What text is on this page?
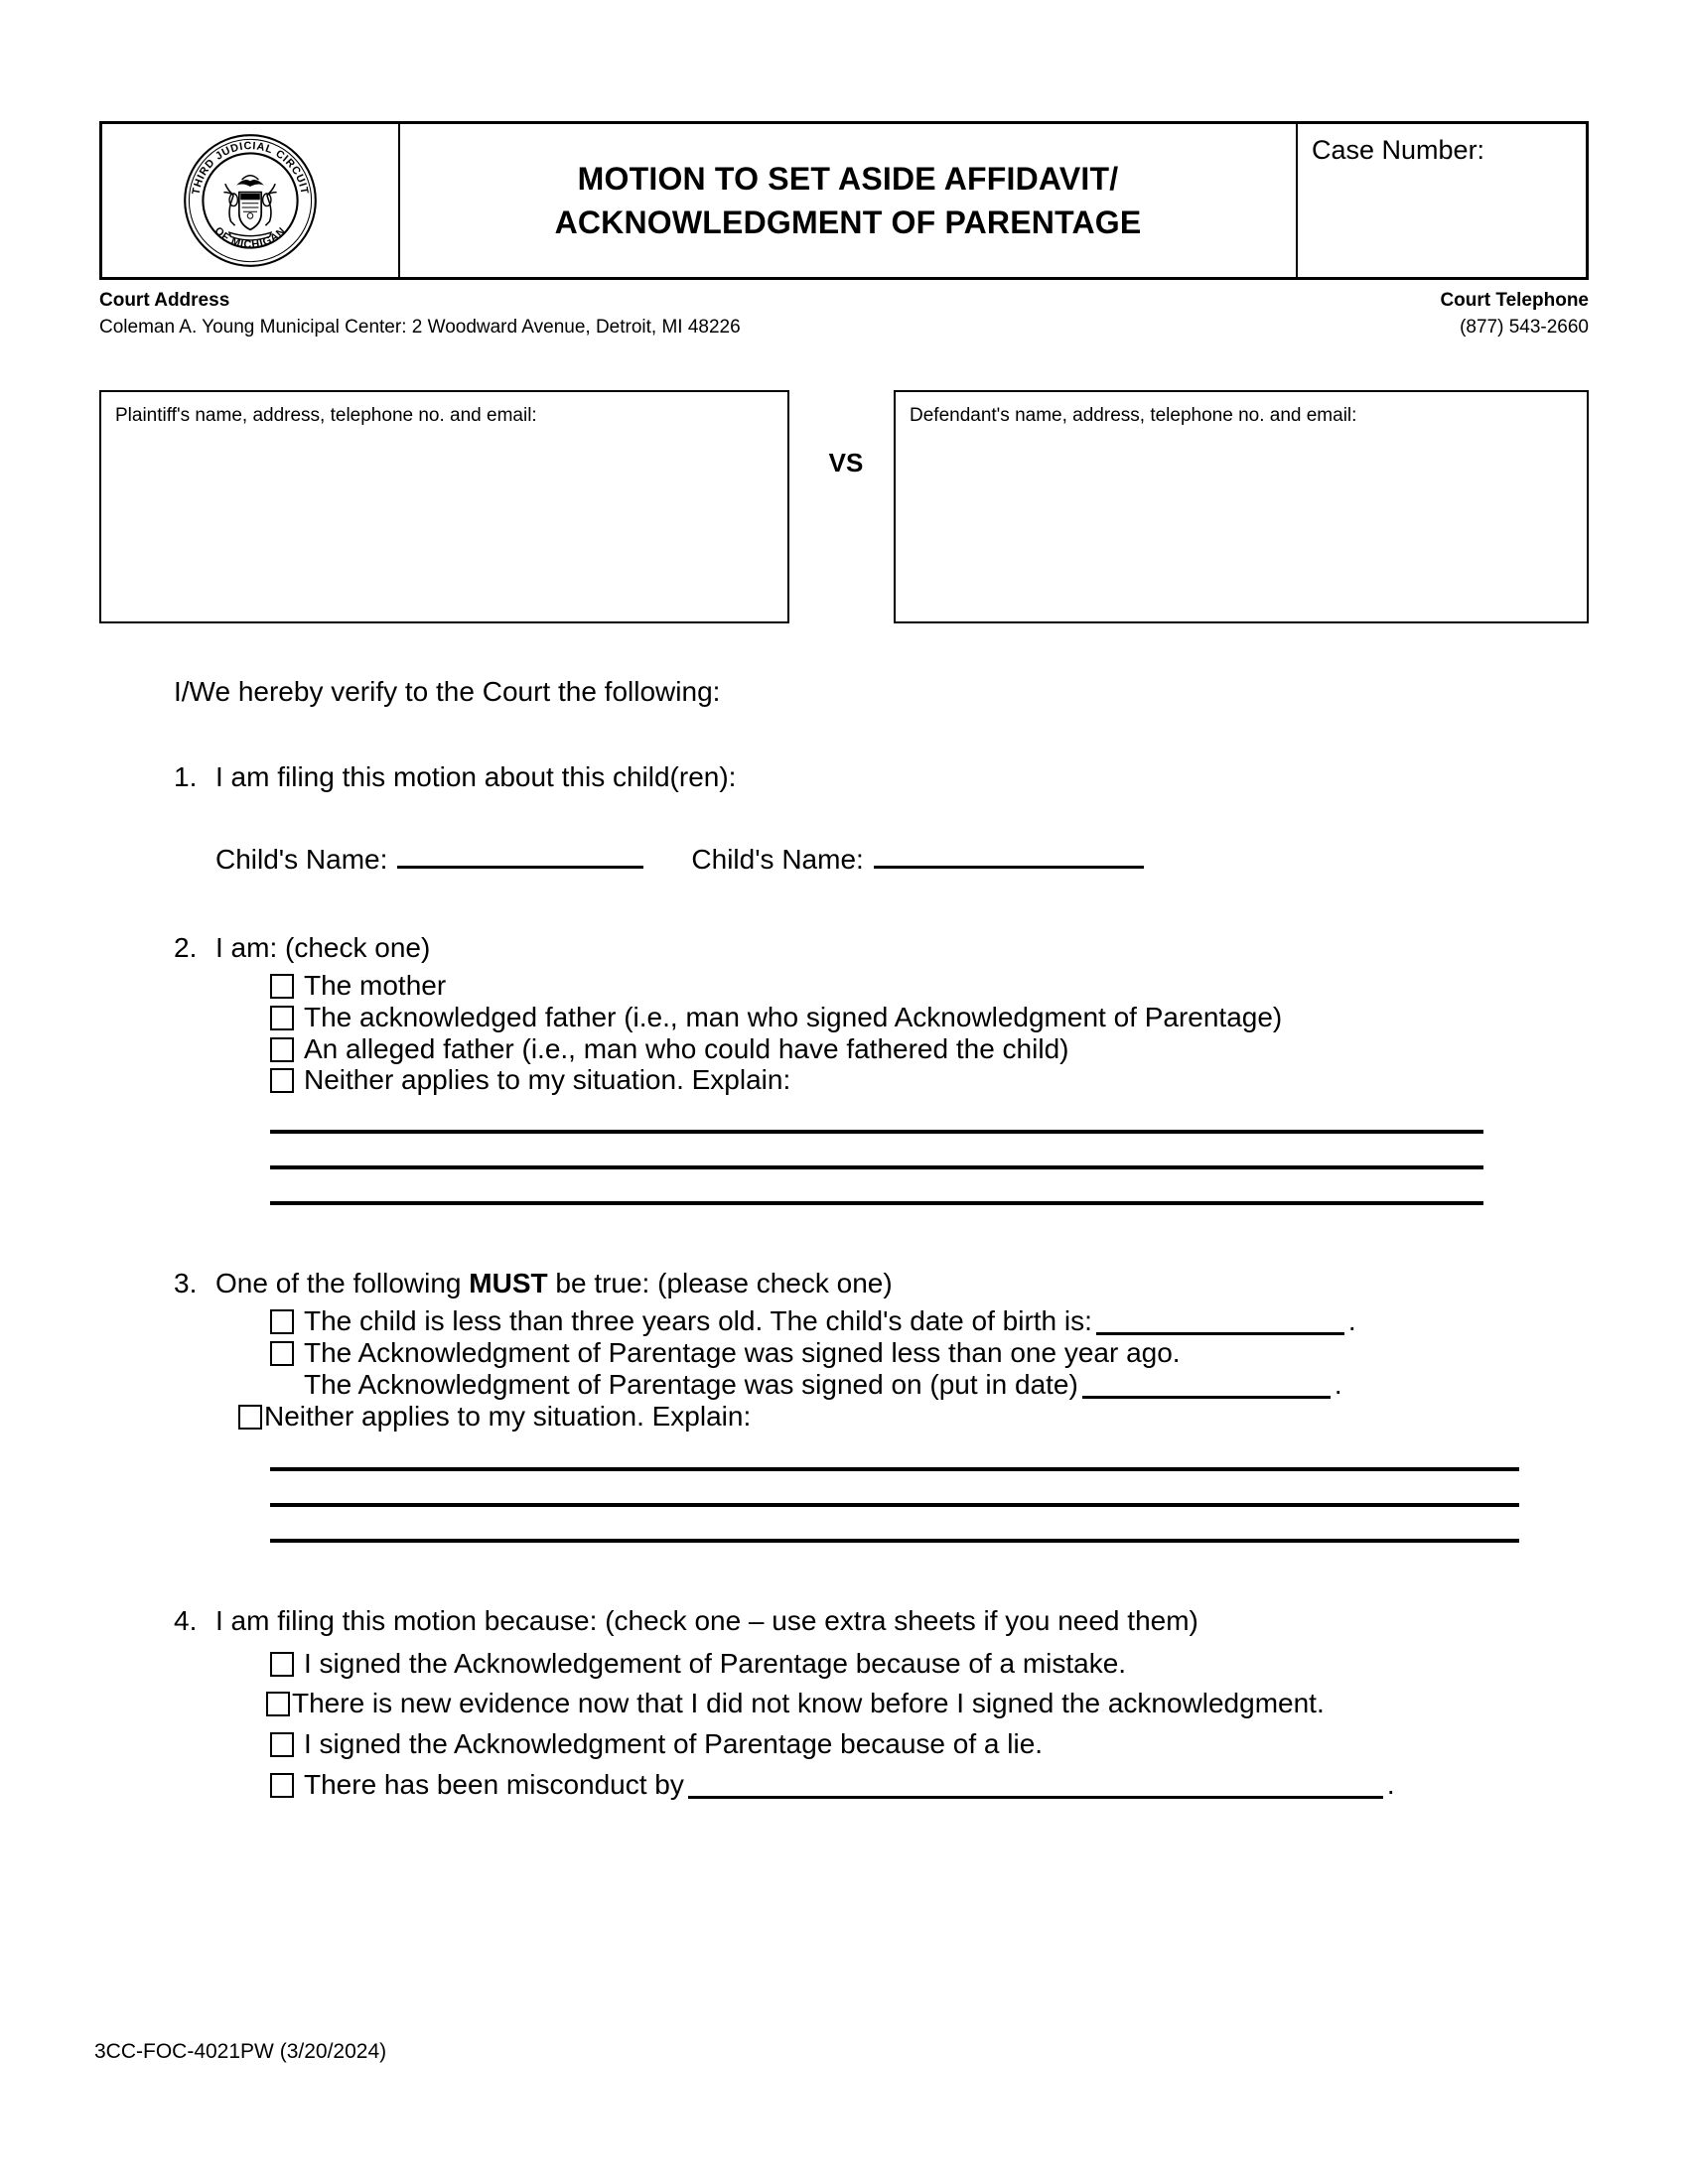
THIRD JUDICIAL CIRCUIT
OF MICHIGAN
MOTION TO SET ASIDE AFFIDAVIT/
ACKNOWLEDGMENT OF PARENTAGE
Case Number:
Court Address	Court Telephone
Coleman A. Young Municipal Center: 2 Woodward Avenue, Detroit, MI 48226	(877) 543-2660
Plaintiff's name, address, telephone no. and email:
VS
Defendant's name, address, telephone no. and email:
I/We hereby verify to the Court the following:
1. I am filing this motion about this child(ren):
Child's Name:	Child's Name:
2. I am: (check one)
The mother
The acknowledged father (i.e., man who signed Acknowledgment of Parentage)
An alleged father (i.e., man who could have fathered the child)
Neither applies to my situation. Explain:
3. One of the following MUST be true: (please check one)
The child is less than three years old. The child's date of birth is:	.
The Acknowledgment of Parentage was signed less than one year ago.
The Acknowledgment of Parentage was signed on (put in date)	.
Neither applies to my situation. Explain:
4. I am filing this motion because: (check one – use extra sheets if you need them)
I signed the Acknowledgement of Parentage because of a mistake.
There is new evidence now that I did not know before I signed the acknowledgment.
I signed the Acknowledgment of Parentage because of a lie.
There has been misconduct by	.
3CC-FOC-4021PW (3/20/2024)
